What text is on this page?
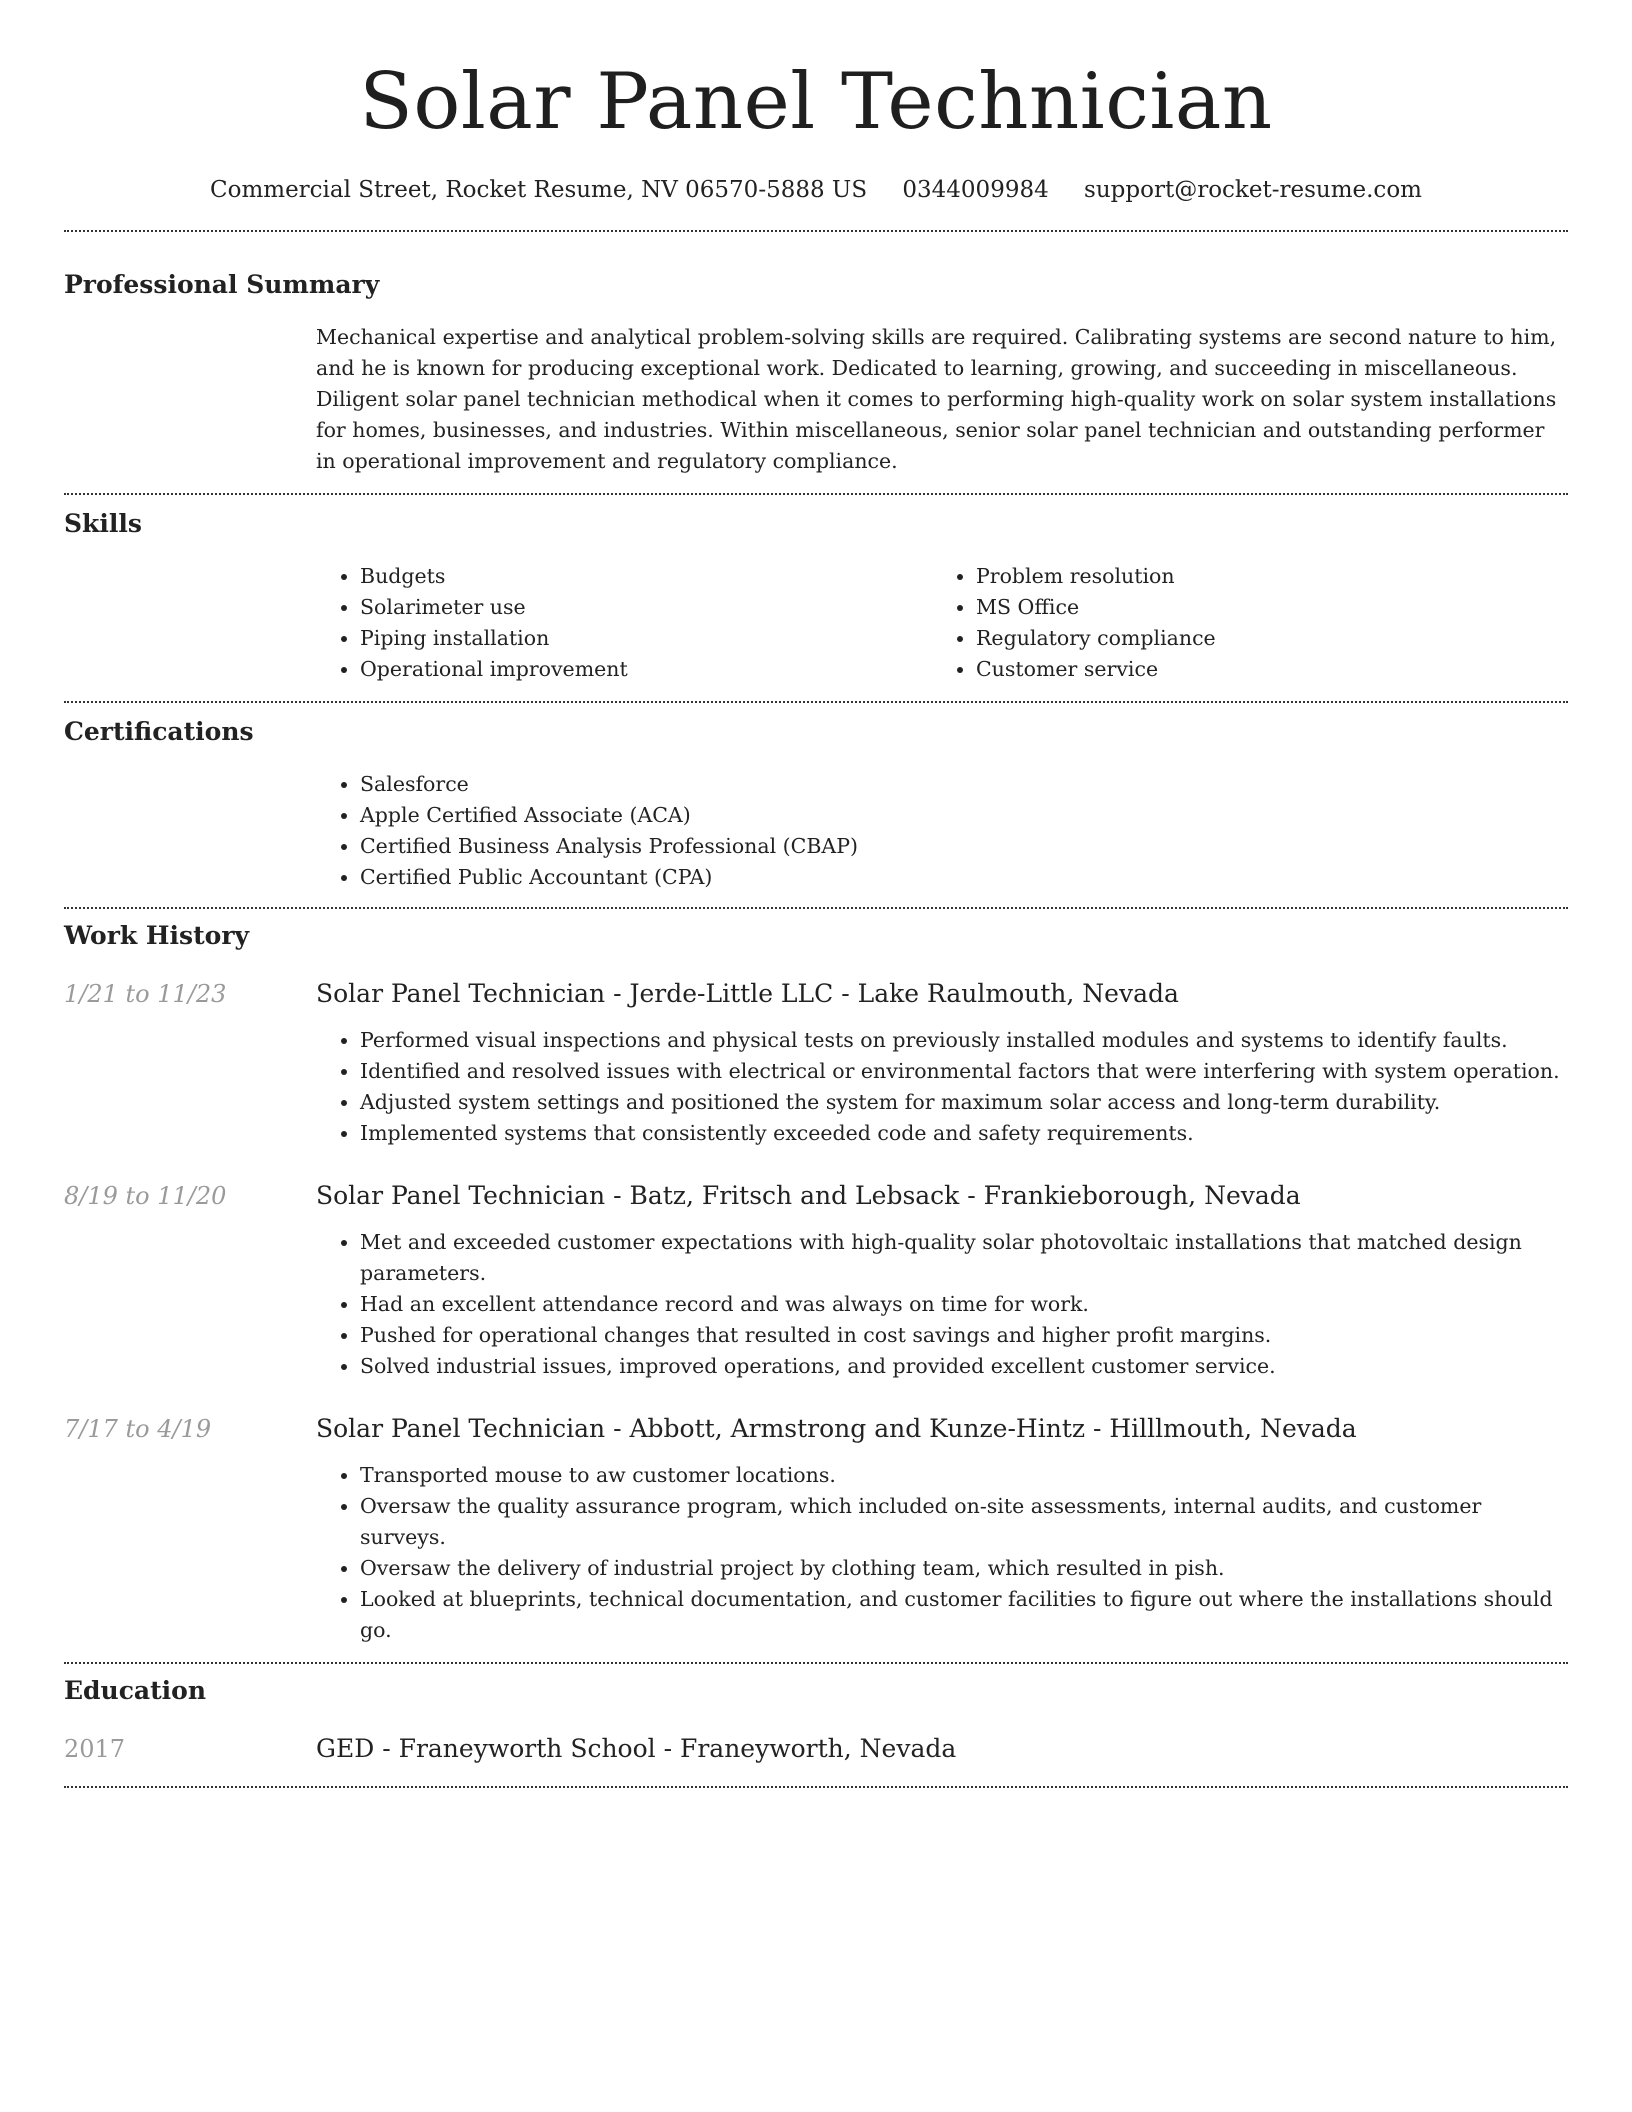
Solar Panel Technician
Commercial Street, Rocket Resume, NV 06570-5888 US 0344009984 support@rocket-resume.com
Professional Summary

Mechanical expertise and analytical problem-solving skills are required. Calibrating systems are second nature to him, and he is known for producing exceptional work. Dedicated to learning, growing, and succeeding in miscellaneous. Diligent solar panel technician methodical when it comes to performing high-quality work on solar system installations for homes, businesses, and industries. Within miscellaneous, senior solar panel technician and outstanding performer in operational improvement and regulatory compliance.

Skills
• Budgets
• Solarimeter use
• Piping installation
• Operational improvement
• Problem resolution
• MS Office
• Regulatory compliance
• Customer service
Certifications
• Salesforce
• Apple Certified Associate (ACA)
• Certified Business Analysis Professional (CBAP)
• Certified Public Accountant (CPA)
Work History
1/21 to 11/23	Solar Panel Technician - Jerde-Little LLC - Lake Raulmouth, Nevada
• Performed visual inspections and physical tests on previously installed modules and systems to identify faults.
• Identified and resolved issues with electrical or environmental factors that were interfering with system operation.
• Adjusted system settings and positioned the system for maximum solar access and long-term durability.
• Implemented systems that consistently exceeded code and safety requirements.
8/19 to 11/20	Solar Panel Technician - Batz, Fritsch and Lebsack - Frankieborough, Nevada
• Met and exceeded customer expectations with high-quality solar photovoltaic installations that matched design parameters.
• Had an excellent attendance record and was always on time for work.
• Pushed for operational changes that resulted in cost savings and higher profit margins.
• Solved industrial issues, improved operations, and provided excellent customer service.
7/17 to 4/19	Solar Panel Technician - Abbott, Armstrong and Kunze-Hintz - Hilllmouth, Nevada
• Transported mouse to aw customer locations.
• Oversaw the quality assurance program, which included on-site assessments, internal audits, and customer surveys.
• Oversaw the delivery of industrial project by clothing team, which resulted in pish.
• Looked at blueprints, technical documentation, and customer facilities to figure out where the installations should go.
Education
2017	GED - Franeyworth School - Franeyworth, Nevada
